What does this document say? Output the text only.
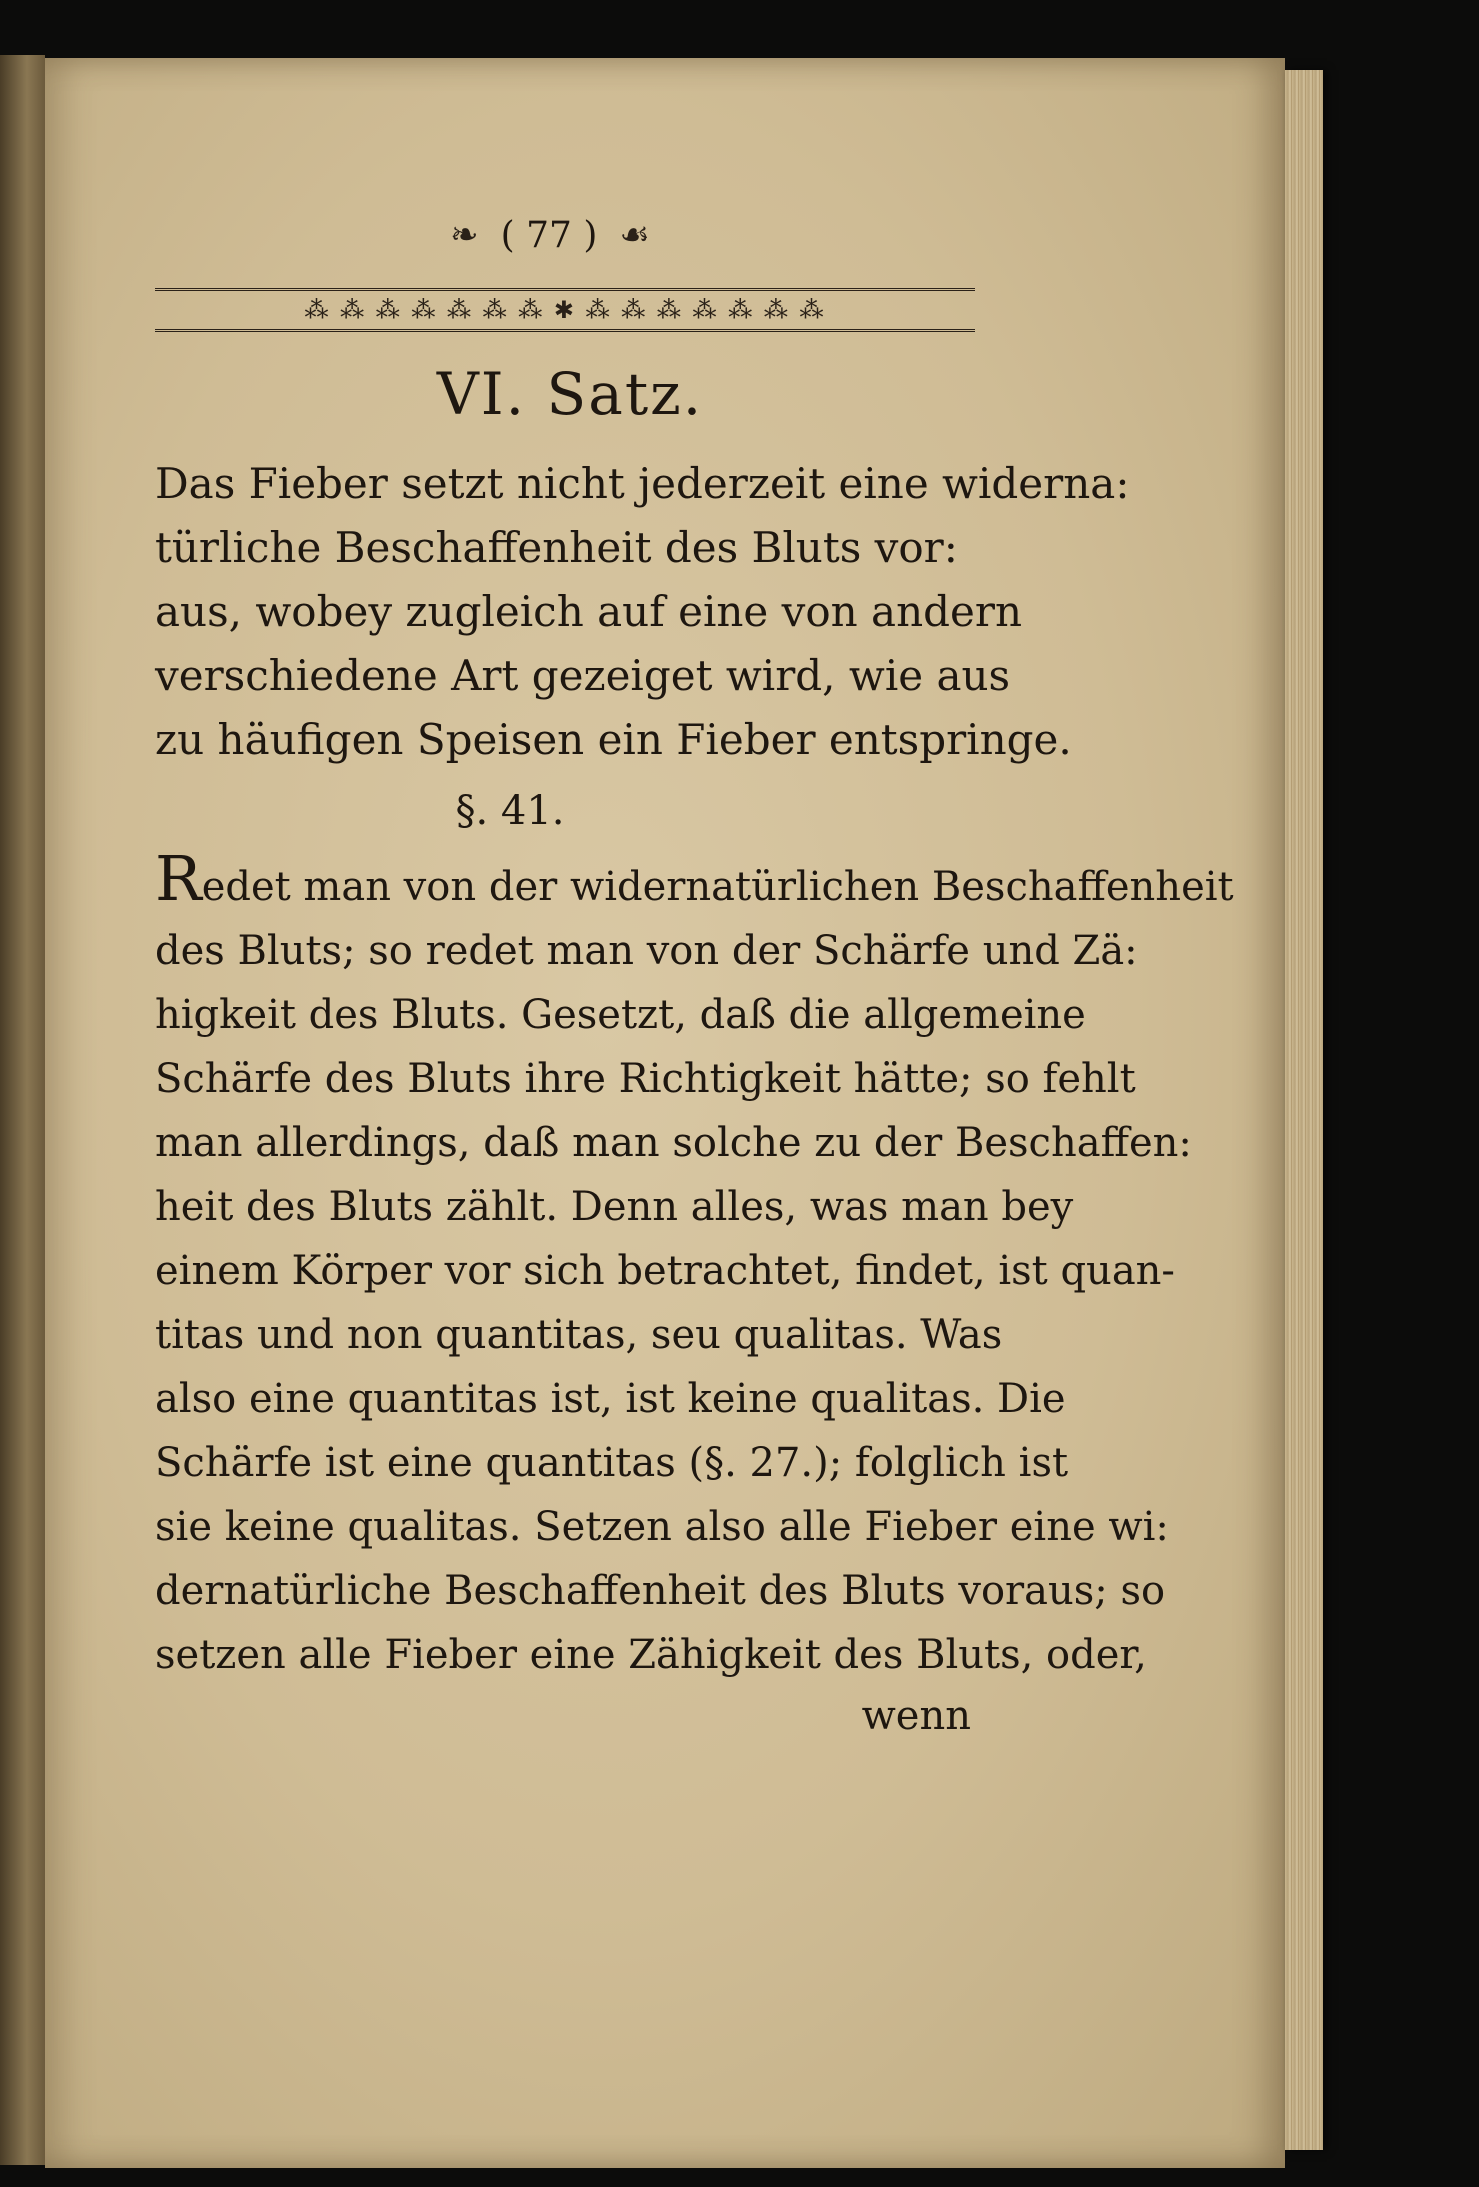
❧ ( 77 ) ☙
⁂ ⁂ ⁂ ⁂ ⁂ ⁂ ⁂ ✱ ⁂ ⁂ ⁂ ⁂ ⁂ ⁂ ⁂
VI. Satz.
Das Fieber setzt nicht jederzeit eine widerna:
türliche Beschaffenheit des Bluts vor:
aus, wobey zugleich auf eine von andern
verschiedene Art gezeiget wird, wie aus
zu häufigen Speisen ein Fieber entspringe.
§. 41.
Redet man von der widernatürlichen Beschaffenheit
des Bluts; so redet man von der Schärfe und Zä:
higkeit des Bluts. Gesetzt, daß die allgemeine
Schärfe des Bluts ihre Richtigkeit hätte; so fehlt
man allerdings, daß man solche zu der Beschaffen:
heit des Bluts zählt. Denn alles, was man bey
einem Körper vor sich betrachtet, findet, ist quan-
titas und non quantitas, seu qualitas. Was
also eine quantitas ist, ist keine qualitas. Die
Schärfe ist eine quantitas (§. 27.); folglich ist
sie keine qualitas. Setzen also alle Fieber eine wi:
dernatürliche Beschaffenheit des Bluts voraus; so
setzen alle Fieber eine Zähigkeit des Bluts, oder,
wenn
